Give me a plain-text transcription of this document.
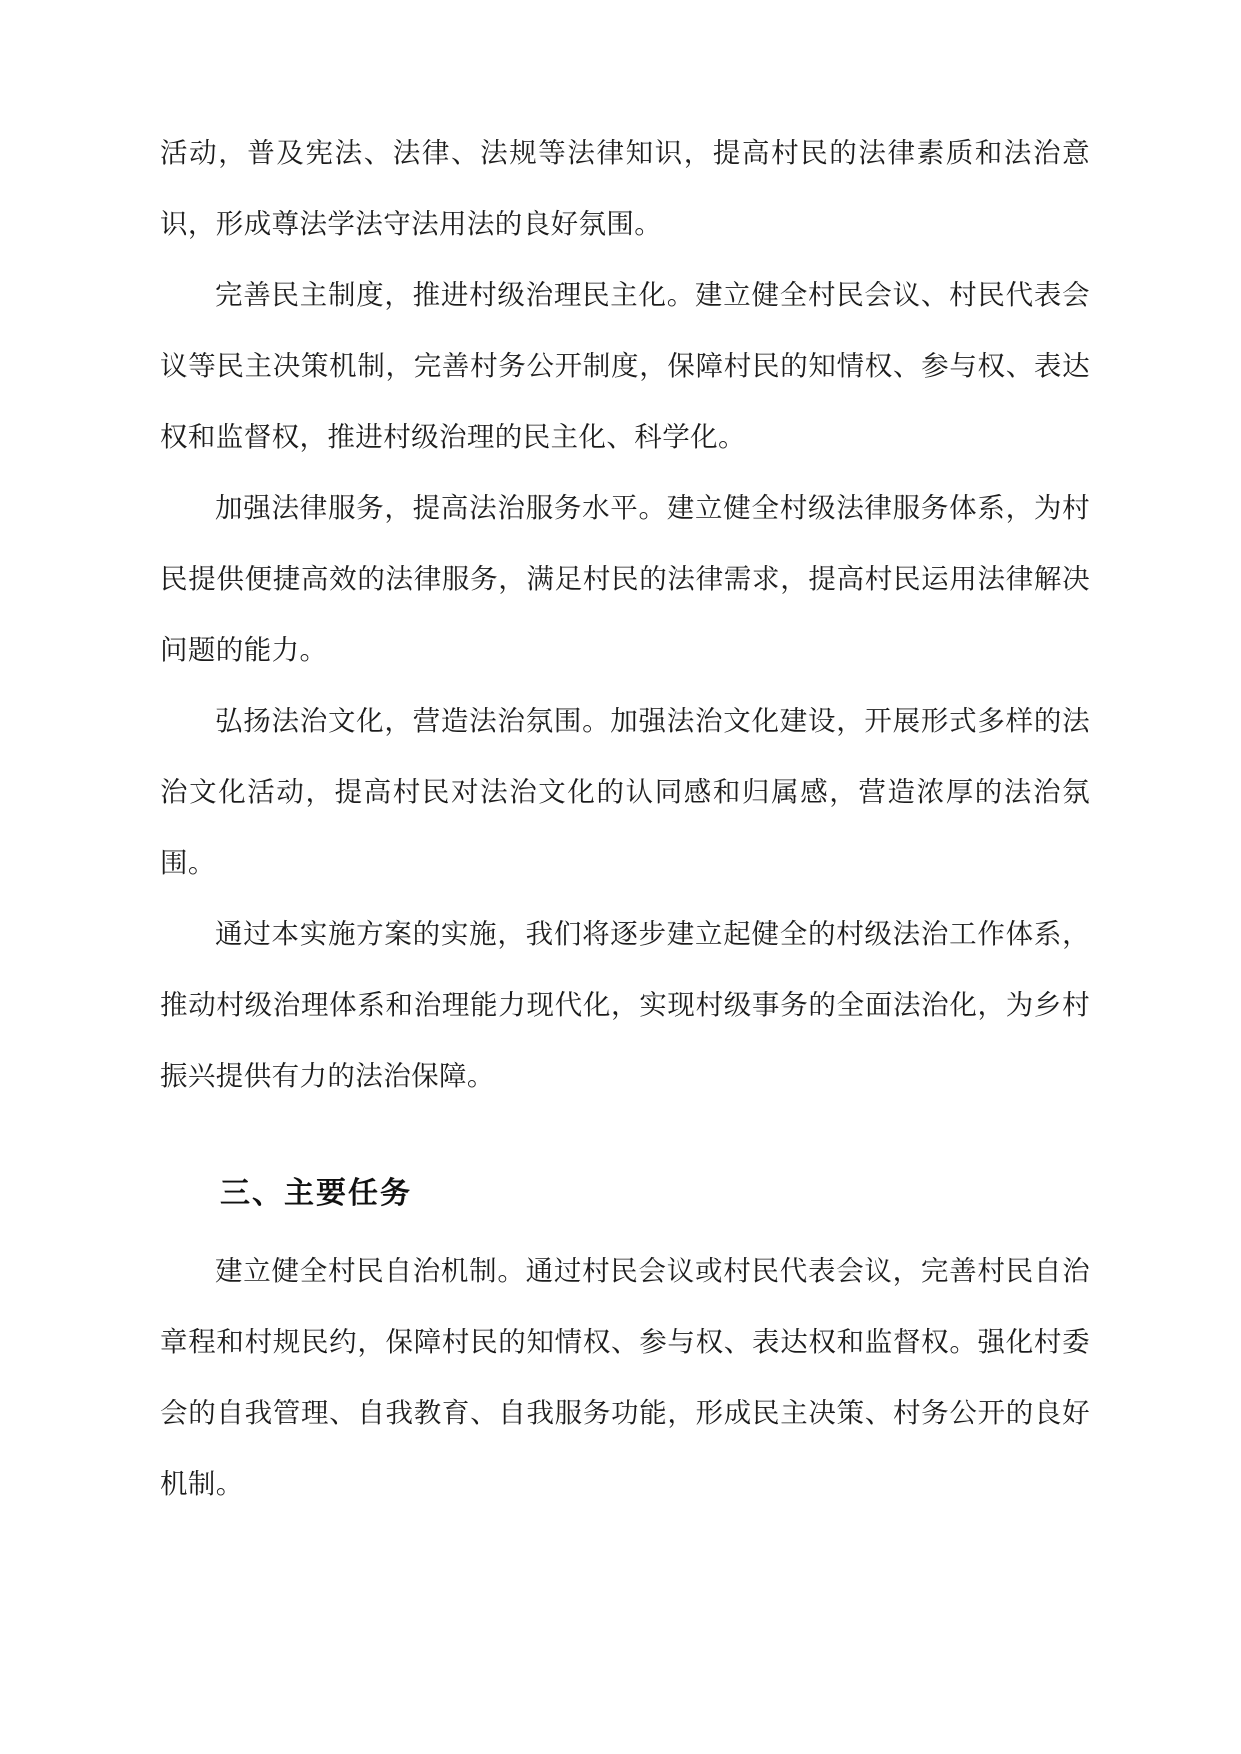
活动，普及宪法、法律、法规等法律知识，提高村民的法律素质和法治意识，形成尊法学法守法用法的良好氛围。

完善民主制度，推进村级治理民主化。建立健全村民会议、村民代表会议等民主决策机制，完善村务公开制度，保障村民的知情权、参与权、表达权和监督权，推进村级治理的民主化、科学化。

加强法律服务，提高法治服务水平。建立健全村级法律服务体系，为村民提供便捷高效的法律服务，满足村民的法律需求，提高村民运用法律解决问题的能力。

弘扬法治文化，营造法治氛围。加强法治文化建设，开展形式多样的法治文化活动，提高村民对法治文化的认同感和归属感，营造浓厚的法治氛围。

通过本实施方案的实施，我们将逐步建立起健全的村级法治工作体系，推动村级治理体系和治理能力现代化，实现村级事务的全面法治化，为乡村振兴提供有力的法治保障。

三、主要任务

建立健全村民自治机制。通过村民会议或村民代表会议，完善村民自治章程和村规民约，保障村民的知情权、参与权、表达权和监督权。强化村委会的自我管理、自我教育、自我服务功能，形成民主决策、村务公开的良好机制。
